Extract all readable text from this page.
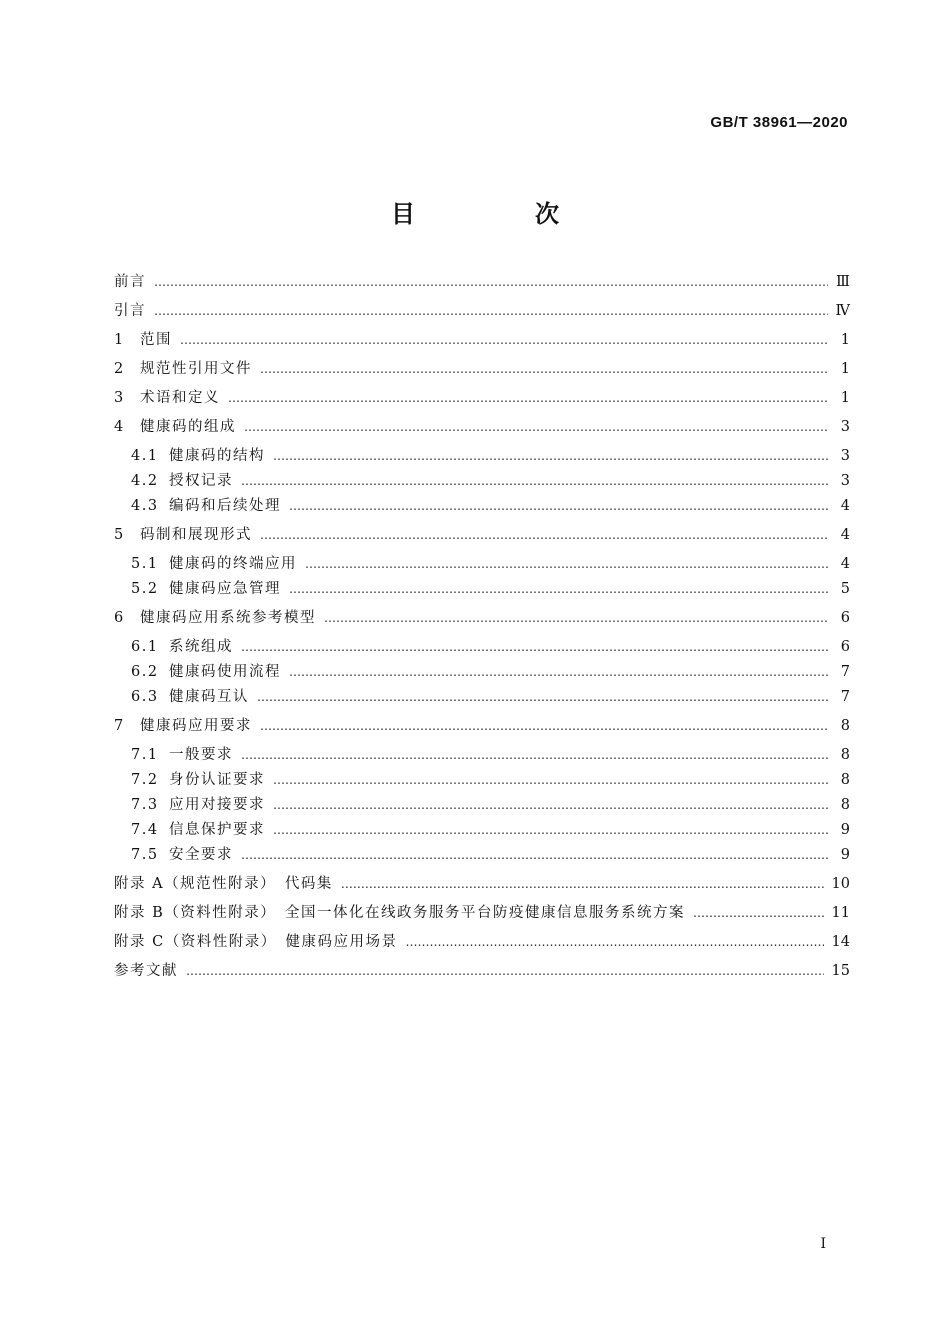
GB/T 38961—2020
目　次
前言 …………………………………………………………………………………………………………………………………………………………………………………………………………………………	Ⅲ
引言 …………………………………………………………………………………………………………………………………………………………………………………………………………………………	Ⅳ
1	范围 …………………………………………………………………………………………………………………………………………………………………………………………………………………………	1
2	规范性引用文件 …………………………………………………………………………………………………………………………………………………………………………………………………………………………	1
3	术语和定义 …………………………………………………………………………………………………………………………………………………………………………………………………………………………	1
4	健康码的组成 …………………………………………………………………………………………………………………………………………………………………………………………………………………………	3
4.1 健康码的结构 …………………………………………………………………………………………………………………………………………………………………………………………………………………………	3
4.2 授权记录 …………………………………………………………………………………………………………………………………………………………………………………………………………………………	3
4.3 编码和后续处理 …………………………………………………………………………………………………………………………………………………………………………………………………………………………	4
5	码制和展现形式 …………………………………………………………………………………………………………………………………………………………………………………………………………………………	4
5.1 健康码的终端应用 …………………………………………………………………………………………………………………………………………………………………………………………………………………………	4
5.2 健康码应急管理 …………………………………………………………………………………………………………………………………………………………………………………………………………………………	5
6	健康码应用系统参考模型 …………………………………………………………………………………………………………………………………………………………………………………………………………………………	6
6.1 系统组成 …………………………………………………………………………………………………………………………………………………………………………………………………………………………	6
6.2 健康码使用流程 …………………………………………………………………………………………………………………………………………………………………………………………………………………………	7
6.3 健康码互认 …………………………………………………………………………………………………………………………………………………………………………………………………………………………	7
7	健康码应用要求 …………………………………………………………………………………………………………………………………………………………………………………………………………………………	8
7.1 一般要求 …………………………………………………………………………………………………………………………………………………………………………………………………………………………	8
7.2 身份认证要求 …………………………………………………………………………………………………………………………………………………………………………………………………………………………	8
7.3 应用对接要求 …………………………………………………………………………………………………………………………………………………………………………………………………………………………	8
7.4 信息保护要求 …………………………………………………………………………………………………………………………………………………………………………………………………………………………	9
7.5 安全要求 …………………………………………………………………………………………………………………………………………………………………………………………………………………………	9
附录 A（规范性附录）　代码集 …………………………………………………………………………………………………………………………………………………………………………………………………………………………	10
附录 B（资料性附录）　全国一体化在线政务服务平台防疫健康信息服务系统方案 …………………………………………………………………………………………………………………………………………………………………………………………………………………………	11
附录 C（资料性附录）　健康码应用场景 …………………………………………………………………………………………………………………………………………………………………………………………………………………………	14
参考文献 …………………………………………………………………………………………………………………………………………………………………………………………………………………………	15
I
